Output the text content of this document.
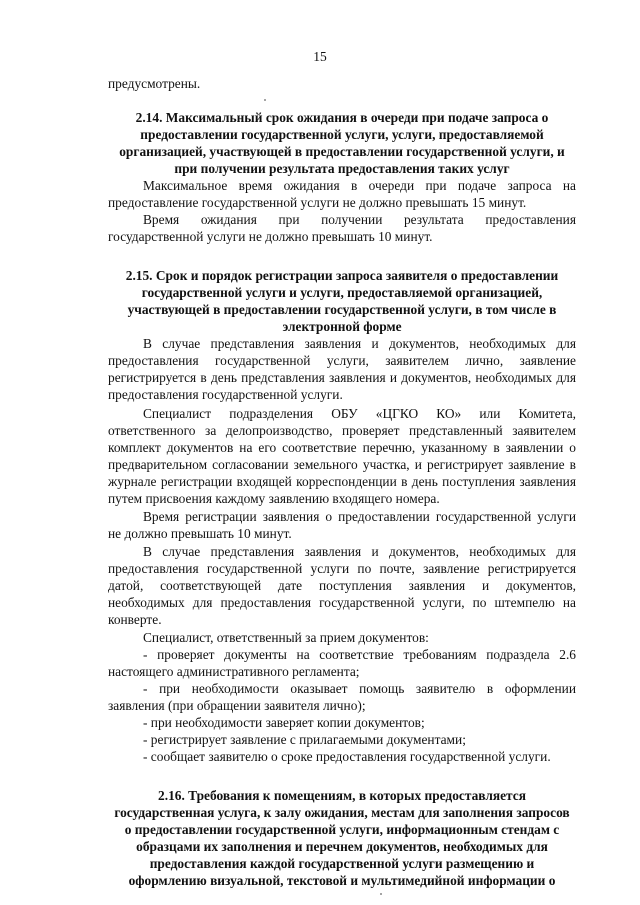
15
предусмотрены.
2.14. Максимальный срок ожидания в очереди при подаче запроса о
предоставлении государственной услуги, услуги, предоставляемой
организацией, участвующей в предоставлении государственной услуги, и
при получении результата предоставления таких услуг
Максимальное время ожидания в очереди при подаче запроса на
предоставление государственной услуги не должно превышать 15 минут.
Время ожидания при получении результата предоставления
государственной услуги не должно превышать 10 минут.
2.15. Срок и порядок регистрации запроса заявителя о предоставлении
государственной услуги и услуги, предоставляемой организацией,
участвующей в предоставлении государственной услуги, в том числе в
электронной форме
В случае представления заявления и документов, необходимых для
предоставления государственной услуги, заявителем лично, заявление
регистрируется в день представления заявления и документов, необходимых для
предоставления государственной услуги.
Специалист подразделения ОБУ «ЦГКО КО» или Комитета,
ответственного за делопроизводство, проверяет представленный заявителем
комплект документов на его соответствие перечню, указанному в заявлении о
предварительном согласовании земельного участка, и регистрирует заявление в
журнале регистрации входящей корреспонденции в день поступления заявления
путем присвоения каждому заявлению входящего номера.
Время регистрации заявления о предоставлении государственной услуги
не должно превышать 10 минут.
В случае представления заявления и документов, необходимых для
предоставления государственной услуги по почте, заявление регистрируется
датой, соответствующей дате поступления заявления и документов,
необходимых для предоставления государственной услуги, по штемпелю на
конверте.
Специалист, ответственный за прием документов:
- проверяет документы на соответствие требованиям подраздела 2.6
настоящего административного регламента;
- при необходимости оказывает помощь заявителю в оформлении
заявления (при обращении заявителя лично);
- при необходимости заверяет копии документов;
- регистрирует заявление с прилагаемыми документами;
- сообщает заявителю о сроке предоставления государственной услуги.
2.16. Требования к помещениям, в которых предоставляется
государственная услуга, к залу ожидания, местам для заполнения запросов
о предоставлении государственной услуги, информационным стендам с
образцами их заполнения и перечнем документов, необходимых для
предоставления каждой государственной услуги размещению и
оформлению визуальной, текстовой и мультимедийной информации о
